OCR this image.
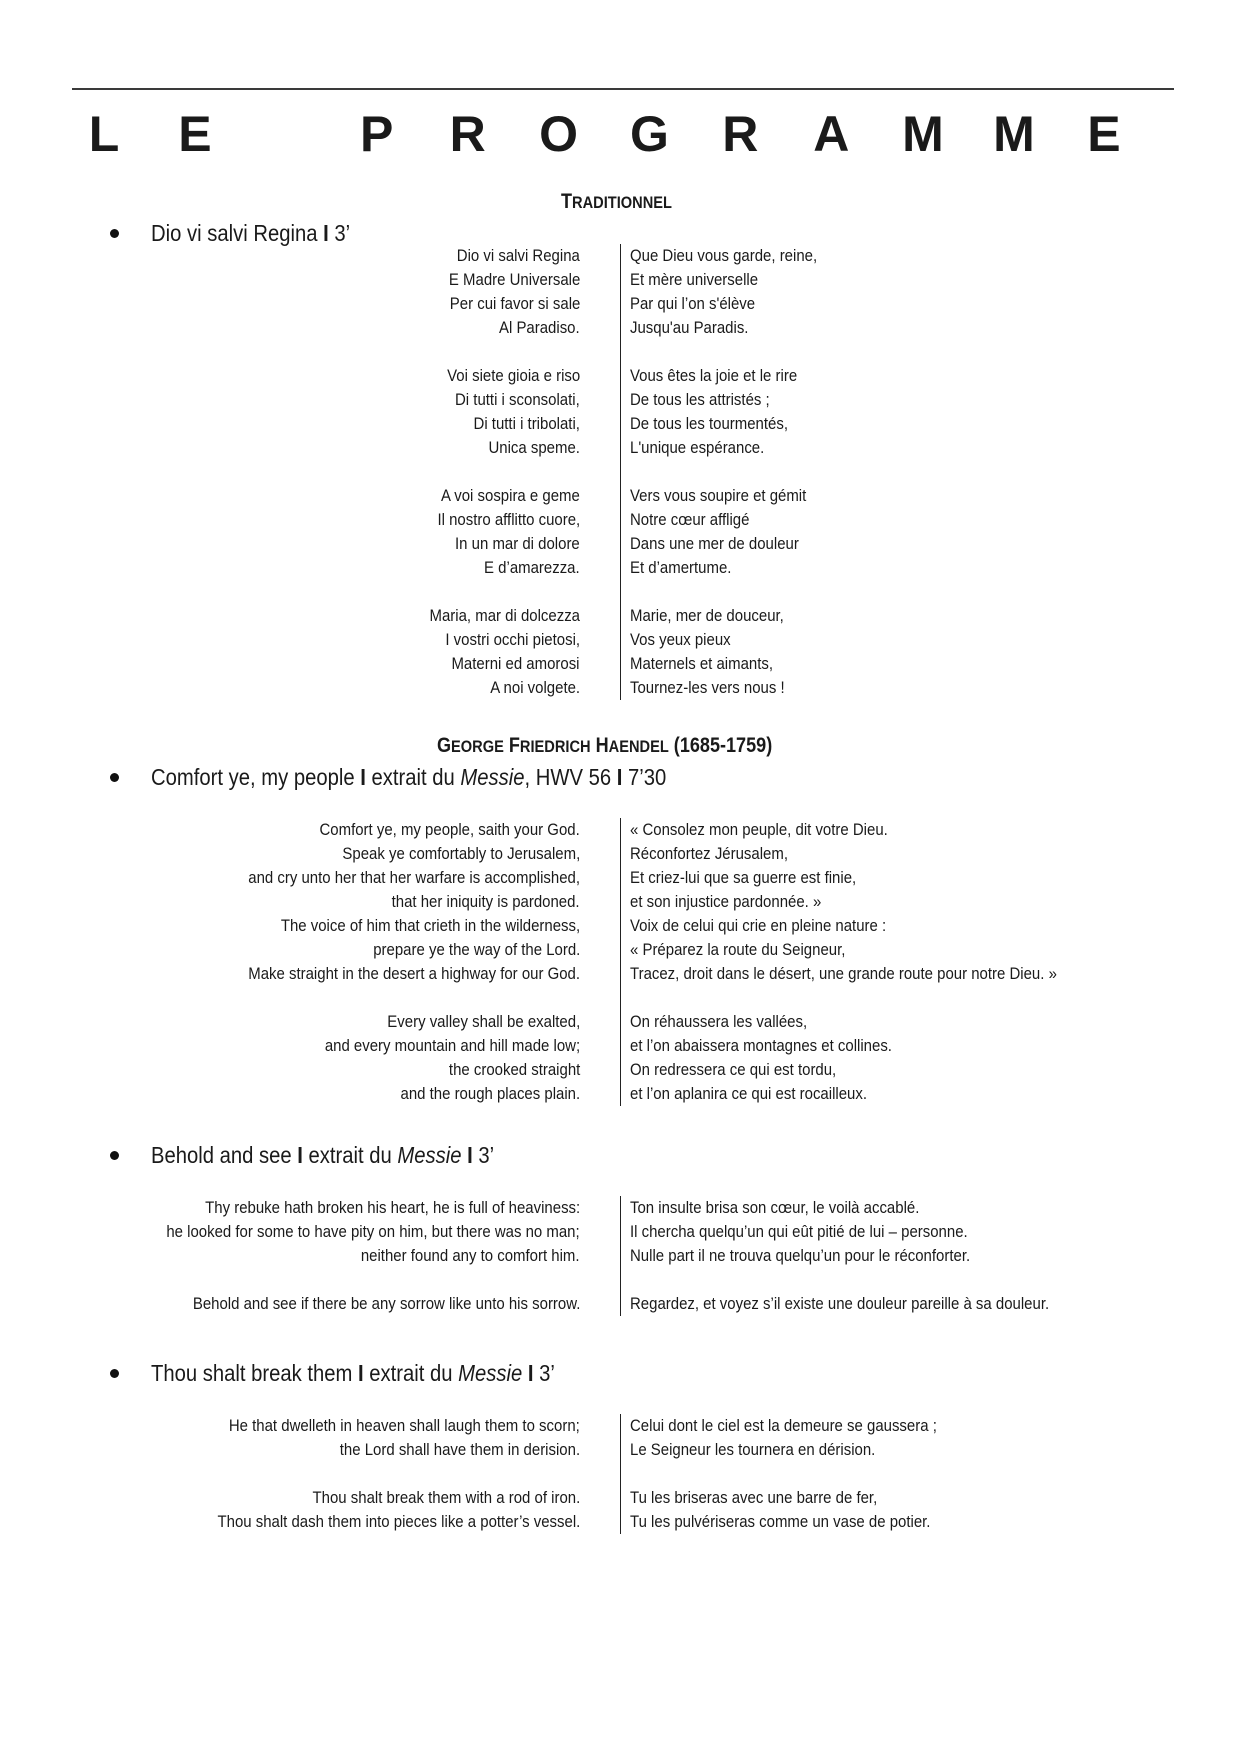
L E	P R O G R A M M E
TRADITIONNEL
Dio vi salvi Regina I 3’
Dio vi salvi Regina	Que Dieu vous garde, reine,
E Madre Universale	Et mère universelle
Per cui favor si sale	Par qui l’on s'élève
Al Paradiso.	Jusqu'au Paradis.
Voi siete gioia e riso	Vous êtes la joie et le rire
Di tutti i sconsolati,	De tous les attristés ;
Di tutti i tribolati,	De tous les tourmentés,
Unica speme.	L'unique espérance.
A voi sospira e geme	Vers vous soupire et gémit
Il nostro afflitto cuore,	Notre cœur affligé
In un mar di dolore	Dans une mer de douleur
E d’amarezza.	Et d’amertume.
Maria, mar di dolcezza	Marie, mer de douceur,
I vostri occhi pietosi,	Vos yeux pieux
Materni ed amorosi	Maternels et aimants,
A noi volgete.	Tournez-les vers nous !
GEORGE FRIEDRICH HAENDEL (1685-1759)
Comfort ye, my people I extrait du Messie, HWV 56 I 7’30
Comfort ye, my people, saith your God.	« Consolez mon peuple, dit votre Dieu.
Speak ye comfortably to Jerusalem,	Réconfortez Jérusalem,
and cry unto her that her warfare is accomplished,	Et criez-lui que sa guerre est finie,
that her iniquity is pardoned.	et son injustice pardonnée. »
The voice of him that crieth in the wilderness,	Voix de celui qui crie en pleine nature :
prepare ye the way of the Lord.	« Préparez la route du Seigneur,
Make straight in the desert a highway for our God.	Tracez, droit dans le désert, une grande route pour notre Dieu. »
Every valley shall be exalted,	On réhaussera les vallées,
and every mountain and hill made low;	et l’on abaissera montagnes et collines.
the crooked straight	On redressera ce qui est tordu,
and the rough places plain.	et l’on aplanira ce qui est rocailleux.
Behold and see I extrait du Messie I 3’
Thy rebuke hath broken his heart, he is full of heaviness:	Ton insulte brisa son cœur, le voilà accablé.
he looked for some to have pity on him, but there was no man;	Il chercha quelqu’un qui eût pitié de lui – personne.
neither found any to comfort him.	Nulle part il ne trouva quelqu’un pour le réconforter.
Behold and see if there be any sorrow like unto his sorrow.	Regardez, et voyez s’il existe une douleur pareille à sa douleur.
Thou shalt break them I extrait du Messie I 3’
He that dwelleth in heaven shall laugh them to scorn;	Celui dont le ciel est la demeure se gaussera ;
the Lord shall have them in derision.	Le Seigneur les tournera en dérision.
Thou shalt break them with a rod of iron.	Tu les briseras avec une barre de fer,
Thou shalt dash them into pieces like a potter’s vessel.	Tu les pulvériseras comme un vase de potier.
